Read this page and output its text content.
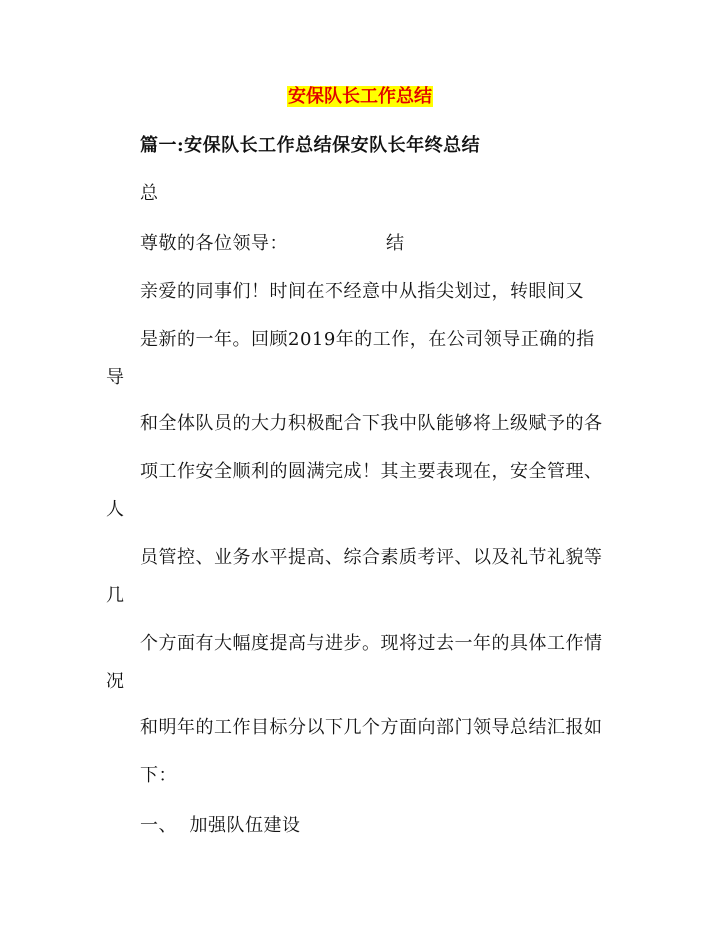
安保队长工作总结
篇一:安保队长工作总结保安队长年终总结
总
尊敬的各位领导：	结
亲爱的同事们！时间在不经意中从指尖划过，转眼间又
是新的一年。回顾2019年的工作，在公司领导正确的指
导
和全体队员的大力积极配合下我中队能够将上级赋予的各
项工作安全顺利的圆满完成！其主要表现在，安全管理、
人
员管控、业务水平提高、综合素质考评、以及礼节礼貌等
几
个方面有大幅度提高与进步。现将过去一年的具体工作情
况
和明年的工作目标分以下几个方面向部门领导总结汇报如
下：
一、  加强队伍建设
